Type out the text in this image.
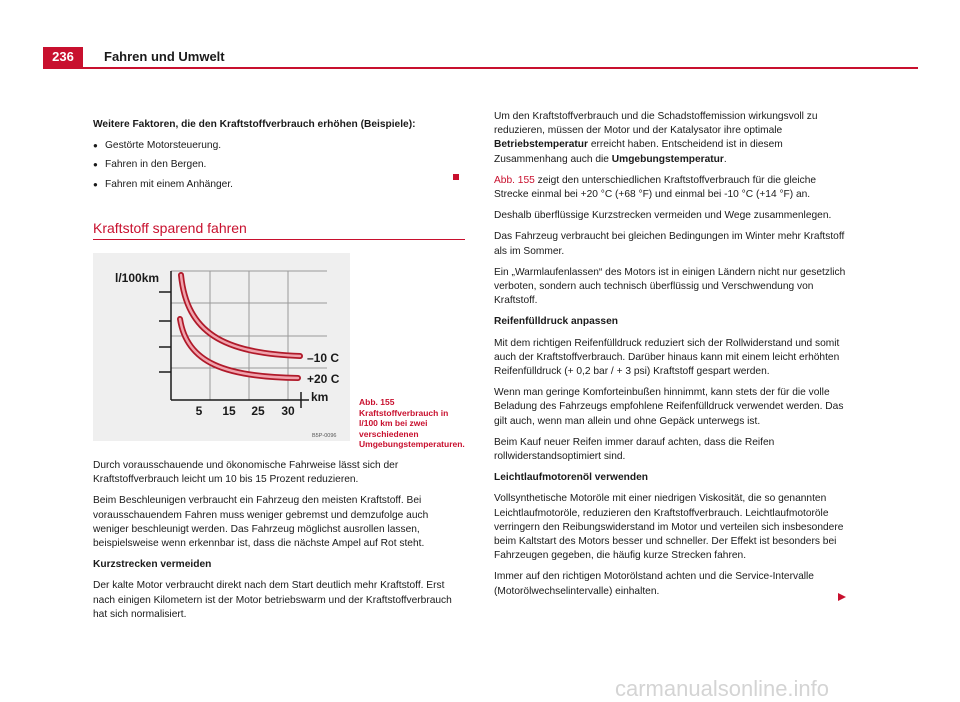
236	Fahren und Umwelt

Weitere Faktoren, die den Kraftstoffverbrauch erhöhen (Beispiele):

● Gestörte Motorsteuerung.
● Fahren in den Bergen.
● Fahren mit einem Anhänger.
Kraftstoff sparend fahren
l/100km
–10 C
+20 C
km
5 15 25 30
B5P-0096
Abb. 155 Kraftstoffverbrauch in l/100 km bei zwei verschiedenen Umgebungstemperaturen.

Durch vorausschauende und ökonomische Fahrweise lässt sich der Kraftstoffverbrauch leicht um 10 bis 15 Prozent reduzieren.

Beim Beschleunigen verbraucht ein Fahrzeug den meisten Kraftstoff. Bei vorausschauendem Fahren muss weniger gebremst und demzufolge auch weniger beschleunigt werden. Das Fahrzeug möglichst ausrollen lassen, beispielsweise wenn erkennbar ist, dass die nächste Ampel auf Rot steht.

Kurzstrecken vermeiden

Der kalte Motor verbraucht direkt nach dem Start deutlich mehr Kraftstoff. Erst nach einigen Kilometern ist der Motor betriebswarm und der Kraftstoffverbrauch hat sich normalisiert.

Um den Kraftstoffverbrauch und die Schadstoffemission wirkungsvoll zu reduzieren, müssen der Motor und der Katalysator ihre optimale Betriebstemperatur erreicht haben. Entscheidend ist in diesem Zusammenhang auch die Umgebungstemperatur.

Abb. 155 zeigt den unterschiedlichen Kraftstoffverbrauch für die gleiche Strecke einmal bei +20 °C (+68 °F) und einmal bei -10 °C (+14 °F) an.

Deshalb überflüssige Kurzstrecken vermeiden und Wege zusammenlegen.

Das Fahrzeug verbraucht bei gleichen Bedingungen im Winter mehr Kraftstoff als im Sommer.

Ein „Warmlaufenlassen“ des Motors ist in einigen Ländern nicht nur gesetzlich verboten, sondern auch technisch überflüssig und Verschwendung von Kraftstoff.

Reifenfülldruck anpassen

Mit dem richtigen Reifenfülldruck reduziert sich der Rollwiderstand und somit auch der Kraftstoffverbrauch. Darüber hinaus kann mit einem leicht erhöhten Reifenfülldruck (+ 0,2 bar / + 3 psi) Kraftstoff gespart werden.

Wenn man geringe Komforteinbußen hinnimmt, kann stets der für die volle Beladung des Fahrzeugs empfohlene Reifenfülldruck verwendet werden. Das gilt auch, wenn man allein und ohne Gepäck unterwegs ist.

Beim Kauf neuer Reifen immer darauf achten, dass die Reifen rollwiderstandsoptimiert sind.

Leichtlaufmotorenöl verwenden

Vollsynthetische Motoröle mit einer niedrigen Viskosität, die so genannten Leichtlaufmotoröle, reduzieren den Kraftstoffverbrauch. Leichtlaufmotoröle verringern den Reibungswiderstand im Motor und verteilen sich insbesondere beim Kaltstart des Motors besser und schneller. Der Effekt ist besonders bei Fahrzeugen gegeben, die häufig kurze Strecken fahren.

Immer auf den richtigen Motorölstand achten und die Service-Intervalle (Motorölwechselintervalle) einhalten.

carmanualsonline.info
